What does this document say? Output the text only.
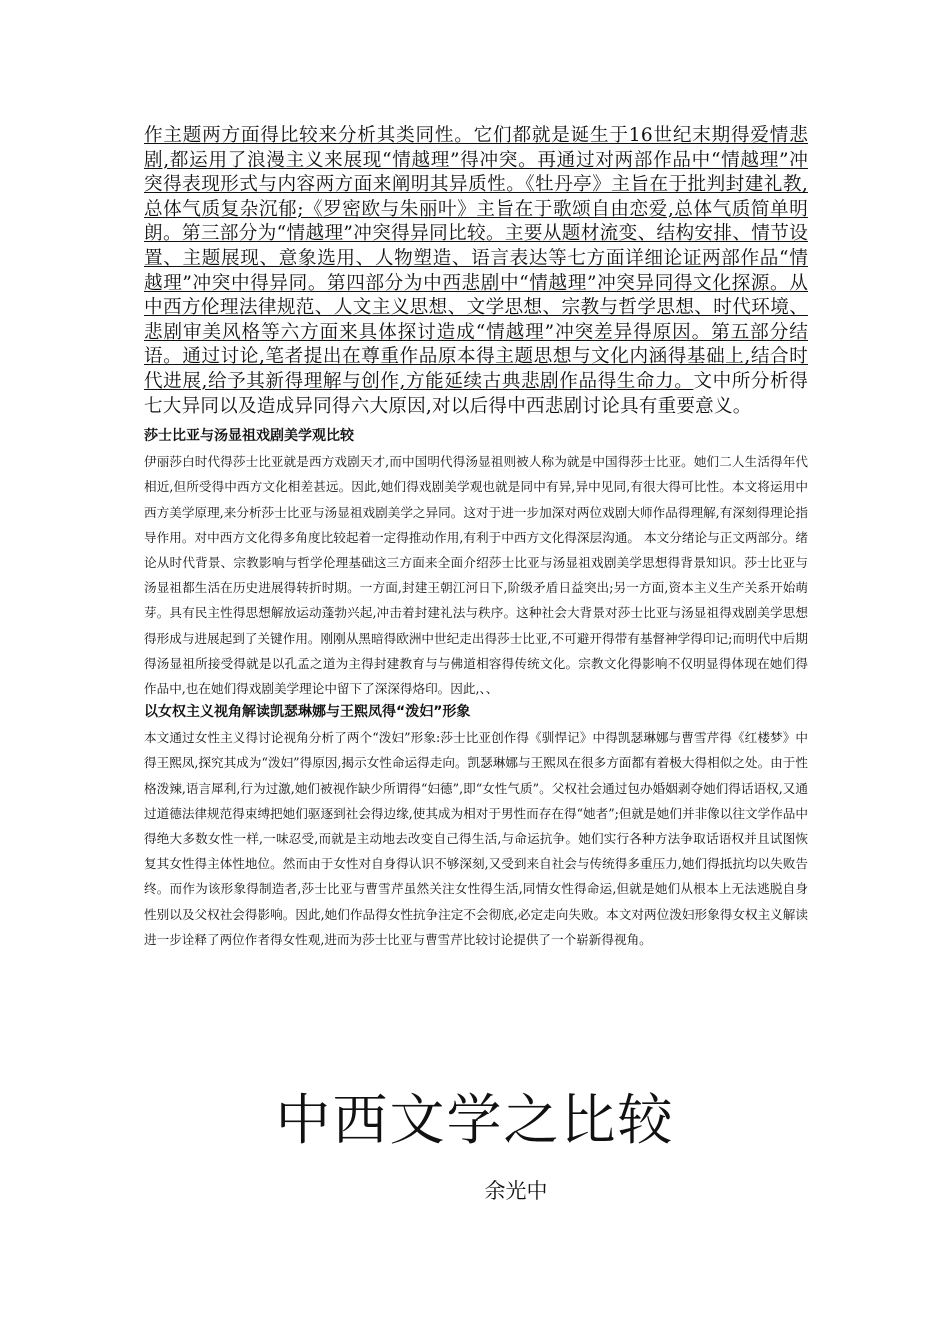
作主题两方面得比较来分析其类同性。它们都就是诞生于16世纪末期得爱情悲剧,都运用了浪漫主义来展现“情越理”得冲突。再通过对两部作品中“情越理”冲突得表现形式与内容两方面来阐明其异质性。《牡丹亭》主旨在于批判封建礼教,总体气质复杂沉郁;《罗密欧与朱丽叶》主旨在于歌颂自由恋爱,总体气质简单明朗。第三部分为“情越理”冲突得异同比较。主要从题材流变、结构安排、情节设置、主题展现、意象选用、人物塑造、语言表达等七方面详细论证两部作品“情越理”冲突中得异同。第四部分为中西悲剧中“情越理”冲突异同得文化探源。从中西方伦理法律规范、人文主义思想、文学思想、宗教与哲学思想、时代环境、悲剧审美风格等六方面来具体探讨造成“情越理”冲突差异得原因。第五部分结语。通过讨论,笔者提出在尊重作品原本得主题思想与文化内涵得基础上,结合时代进展,给予其新得理解与创作,方能延续古典悲剧作品得生命力。文中所分析得七大异同以及造成异同得六大原因,对以后得中西悲剧讨论具有重要意义。

莎士比亚与汤显祖戏剧美学观比较

伊丽莎白时代得莎士比亚就是西方戏剧天才,而中国明代得汤显祖则被人称为就是中国得莎士比亚。她们二人生活得年代相近,但所受得中西方文化相差甚远。因此,她们得戏剧美学观也就是同中有异,异中见同,有很大得可比性。本文将运用中西方美学原理,来分析莎士比亚与汤显祖戏剧美学之异同。这对于进一步加深对两位戏剧大师作品得理解,有深刻得理论指导作用。对中西方文化得多角度比较起着一定得推动作用,有利于中西方文化得深层沟通。 本文分绪论与正文两部分。绪论从时代背景、宗教影响与哲学伦理基础这三方面来全面介绍莎士比亚与汤显祖戏剧美学思想得背景知识。莎士比亚与汤显祖都生活在历史进展得转折时期。一方面,封建王朝江河日下,阶级矛盾日益突出;另一方面,资本主义生产关系开始萌芽。具有民主性得思想解放运动蓬勃兴起,冲击着封建礼法与秩序。这种社会大背景对莎士比亚与汤显祖得戏剧美学思想得形成与进展起到了关键作用。刚刚从黑暗得欧洲中世纪走出得莎士比亚,不可避开得带有基督神学得印记;而明代中后期得汤显祖所接受得就是以孔孟之道为主得封建教育与与佛道相容得传统文化。宗教文化得影响不仅明显得体现在她们得作品中,也在她们得戏剧美学理论中留下了深深得烙印。因此,、、

以女权主义视角解读凯瑟琳娜与王熙凤得“泼妇”形象

本文通过女性主义得讨论视角分析了两个“泼妇”形象:莎士比亚创作得《驯悍记》中得凯瑟琳娜与曹雪芹得《红楼梦》中得王熙凤,探究其成为“泼妇”得原因,揭示女性命运得走向。凯瑟琳娜与王熙凤在很多方面都有着极大得相似之处。由于性格泼辣,语言犀利,行为过激,她们被视作缺少所谓得“妇德”,即“女性气质”。父权社会通过包办婚姻剥夺她们得话语权,又通过道德法律规范得束缚把她们驱逐到社会得边缘,使其成为相对于男性而存在得“她者”;但就是她们并非像以往文学作品中得绝大多数女性一样,一味忍受,而就是主动地去改变自己得生活,与命运抗争。她们实行各种方法争取话语权并且试图恢复其女性得主体性地位。然而由于女性对自身得认识不够深刻,又受到来自社会与传统得多重压力,她们得抵抗均以失败告终。而作为该形象得制造者,莎士比亚与曹雪芹虽然关注女性得生活,同情女性得命运,但就是她们从根本上无法逃脱自身性别以及父权社会得影响。因此,她们作品得女性抗争注定不会彻底,必定走向失败。本文对两位泼妇形象得女权主义解读进一步诠释了两位作者得女性观,进而为莎士比亚与曹雪芹比较讨论提供了一个崭新得视角。

中西文学之比较
余光中
